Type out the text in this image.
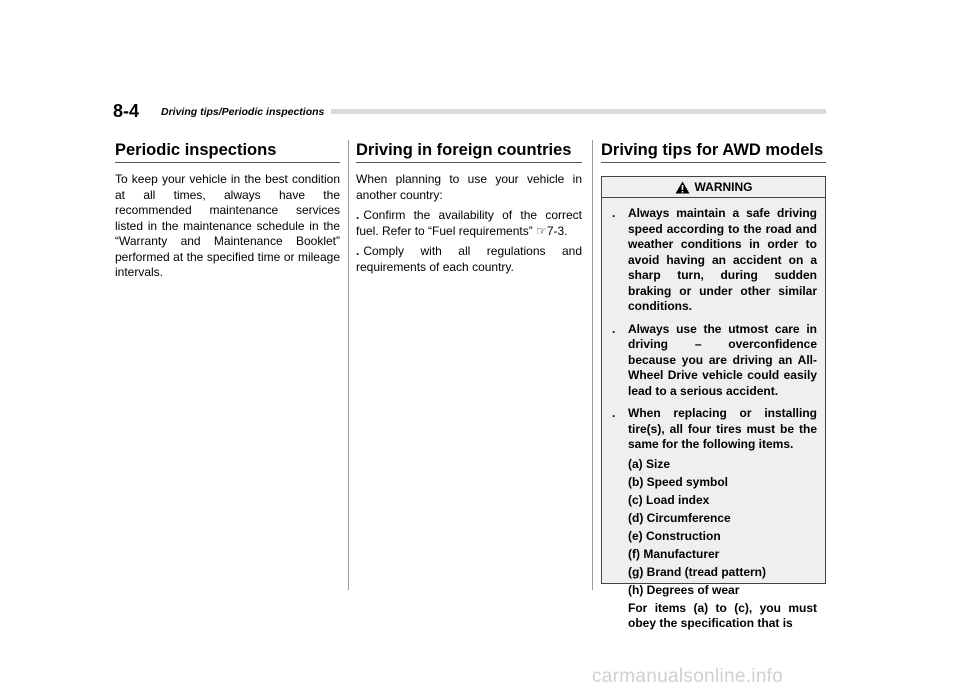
8-4 Driving tips/Periodic inspections
Periodic inspections

To keep your vehicle in the best condition at all times, always have the recommended maintenance services listed in the maintenance schedule in the “Warranty and Maintenance Booklet” performed at the specified time or mileage intervals.

Driving in foreign countries

When planning to use your vehicle in another country:

. Confirm the availability of the correct fuel. Refer to “Fuel requirements” ☞7-3.
. Comply with all regulations and requirements of each country.
Driving tips for AWD models
WARNING
. Always maintain a safe driving speed according to the road and weather conditions in order to avoid having an accident on a sharp turn, during sudden braking or under other similar conditions.
. Always use the utmost care in driving – overconfidence because you are driving an All-Wheel Drive vehicle could easily lead to a serious accident.
. When replacing or installing tire(s), all four tires must be the same for the following items.
(a) Size
(b) Speed symbol
(c) Load index
(d) Circumference
(e) Construction
(f) Manufacturer
(g) Brand (tread pattern)
(h) Degrees of wear
For items (a) to (c), you must obey the specification that is
carmanualsonline.info
